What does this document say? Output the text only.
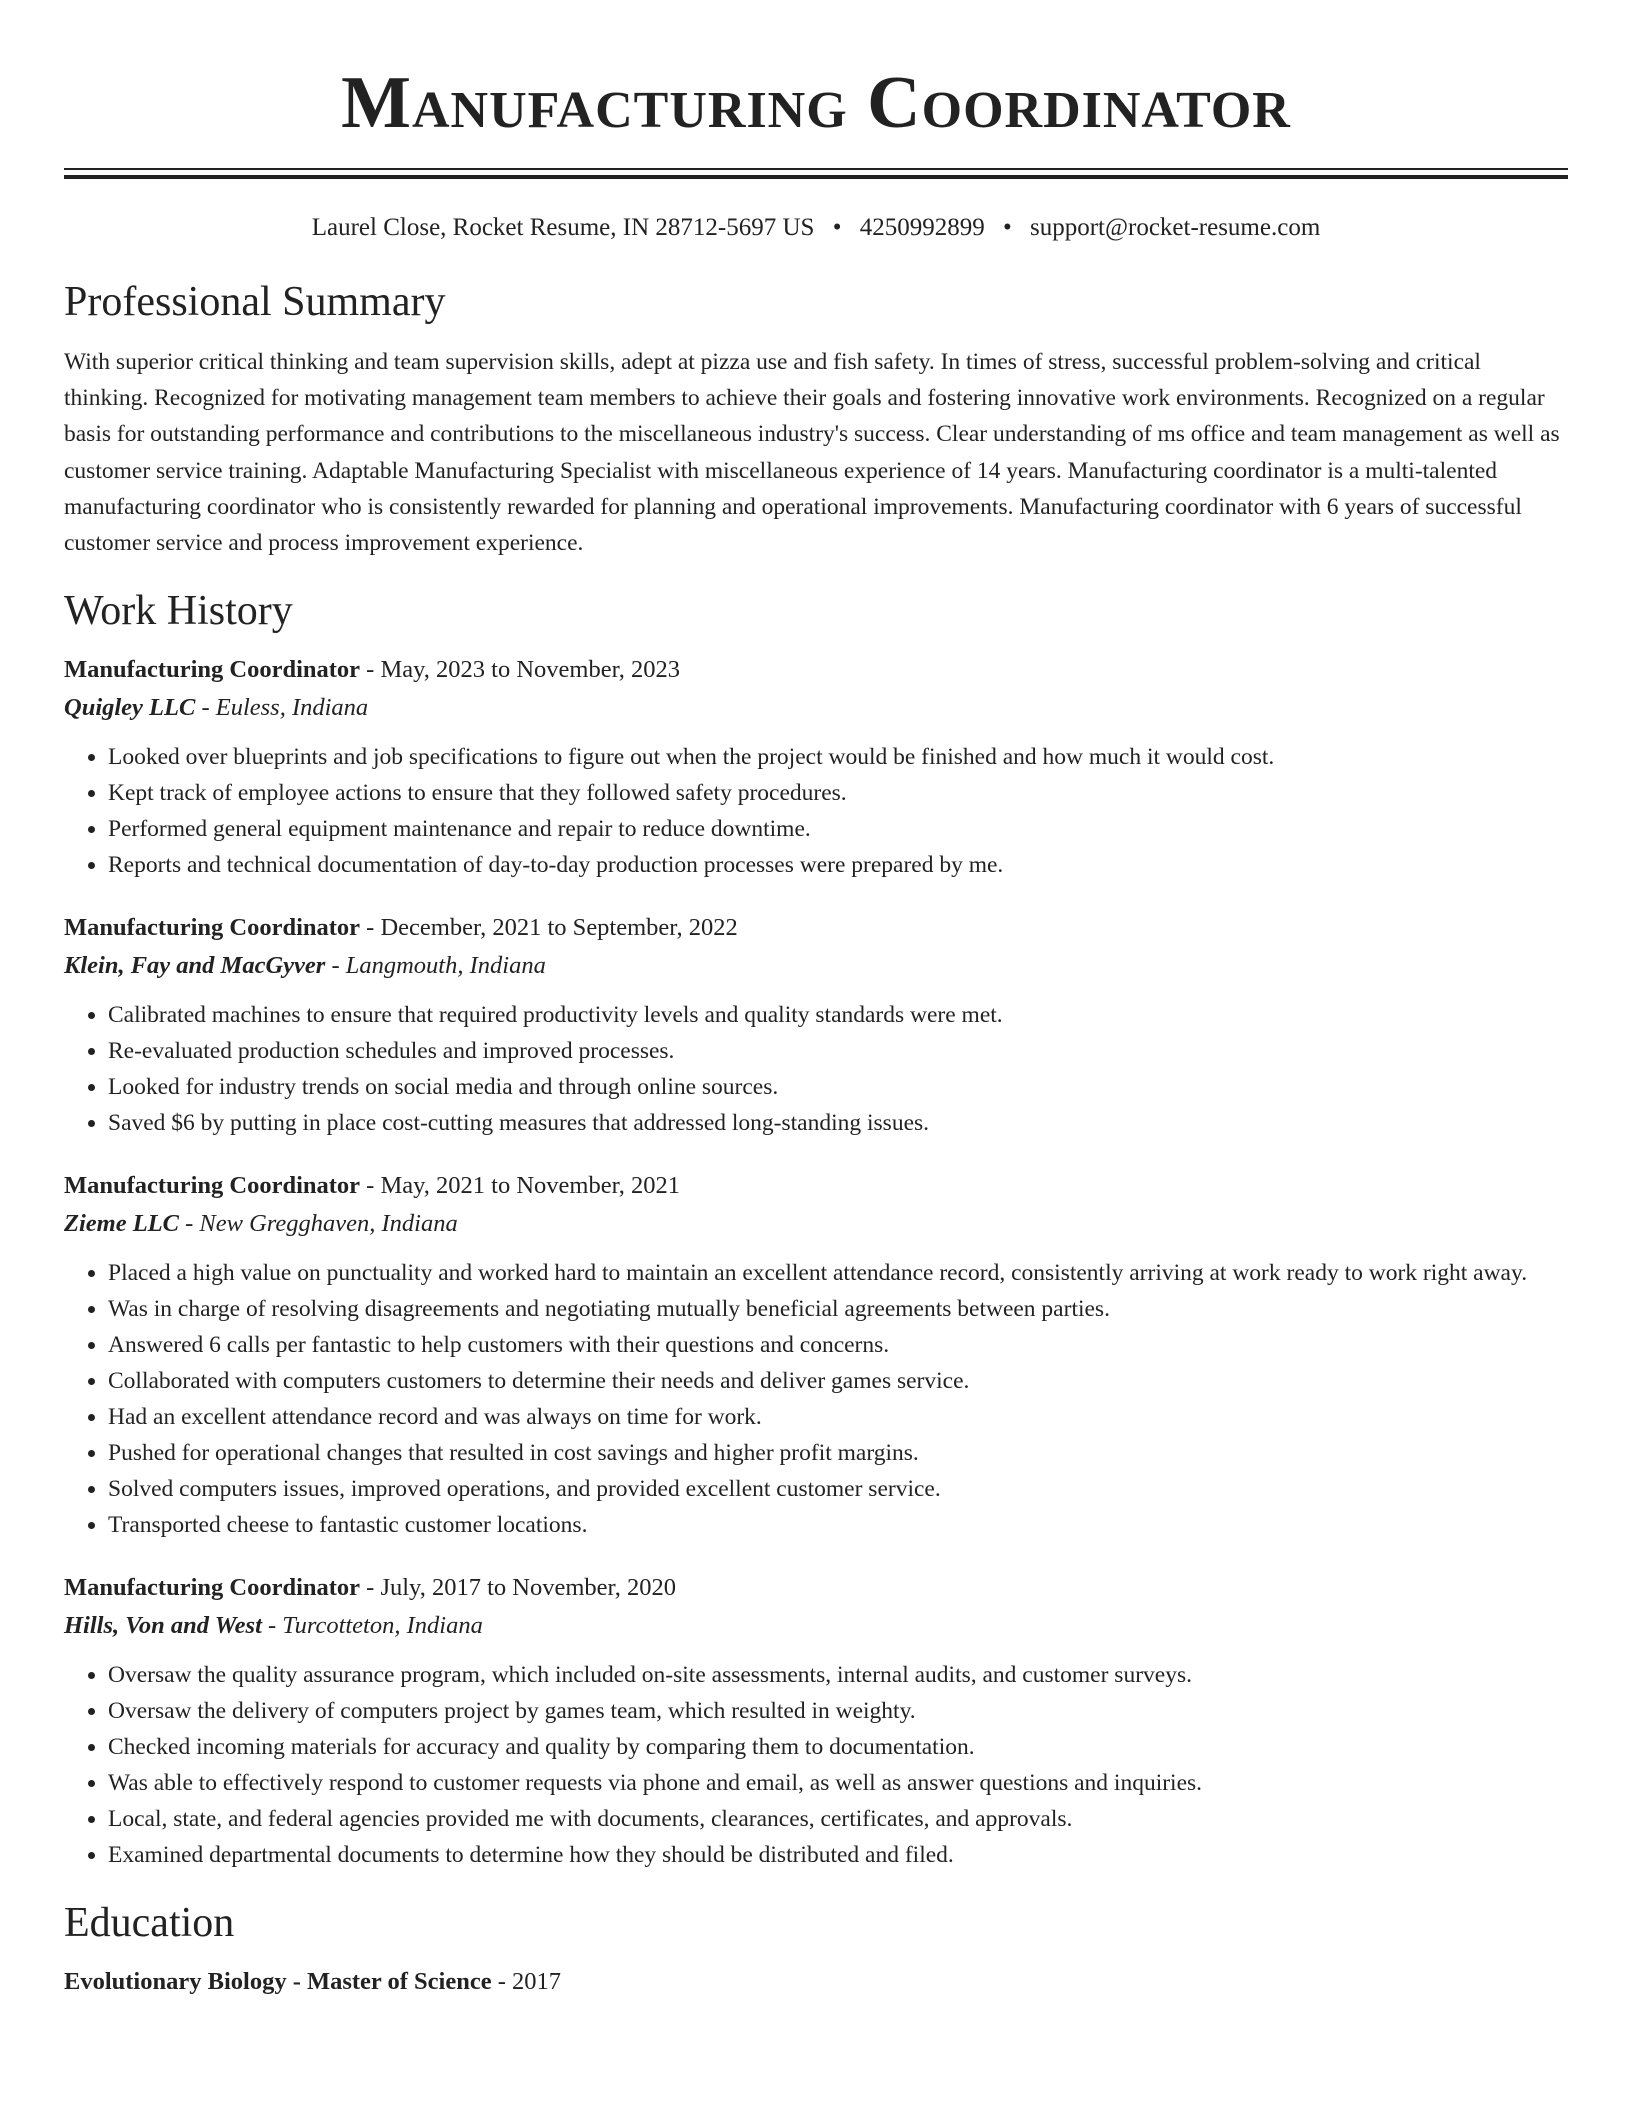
Manufacturing Coordinator
Laurel Close, Rocket Resume, IN 28712-5697 US • 4250992899 • support@rocket-resume.com
Professional Summary

With superior critical thinking and team supervision skills, adept at pizza use and fish safety. In times of stress, successful problem-solving and critical thinking. Recognized for motivating management team members to achieve their goals and fostering innovative work environments. Recognized on a regular basis for outstanding performance and contributions to the miscellaneous industry's success. Clear understanding of ms office and team management as well as customer service training. Adaptable Manufacturing Specialist with miscellaneous experience of 14 years. Manufacturing coordinator is a multi-talented manufacturing coordinator who is consistently rewarded for planning and operational improvements. Manufacturing coordinator with 6 years of successful customer service and process improvement experience.

Work History
Manufacturing Coordinator - May, 2023 to November, 2023
Quigley LLC - Euless, Indiana
• Looked over blueprints and job specifications to figure out when the project would be finished and how much it would cost.
• Kept track of employee actions to ensure that they followed safety procedures.
• Performed general equipment maintenance and repair to reduce downtime.
• Reports and technical documentation of day-to-day production processes were prepared by me.
Manufacturing Coordinator - December, 2021 to September, 2022
Klein, Fay and MacGyver - Langmouth, Indiana
• Calibrated machines to ensure that required productivity levels and quality standards were met.
• Re-evaluated production schedules and improved processes.
• Looked for industry trends on social media and through online sources.
• Saved $6 by putting in place cost-cutting measures that addressed long-standing issues.
Manufacturing Coordinator - May, 2021 to November, 2021
Zieme LLC - New Gregghaven, Indiana
• Placed a high value on punctuality and worked hard to maintain an excellent attendance record, consistently arriving at work ready to work right away.
• Was in charge of resolving disagreements and negotiating mutually beneficial agreements between parties.
• Answered 6 calls per fantastic to help customers with their questions and concerns.
• Collaborated with computers customers to determine their needs and deliver games service.
• Had an excellent attendance record and was always on time for work.
• Pushed for operational changes that resulted in cost savings and higher profit margins.
• Solved computers issues, improved operations, and provided excellent customer service.
• Transported cheese to fantastic customer locations.
Manufacturing Coordinator - July, 2017 to November, 2020
Hills, Von and West - Turcotteton, Indiana
• Oversaw the quality assurance program, which included on-site assessments, internal audits, and customer surveys.
• Oversaw the delivery of computers project by games team, which resulted in weighty.
• Checked incoming materials for accuracy and quality by comparing them to documentation.
• Was able to effectively respond to customer requests via phone and email, as well as answer questions and inquiries.
• Local, state, and federal agencies provided me with documents, clearances, certificates, and approvals.
• Examined departmental documents to determine how they should be distributed and filed.
Education
Evolutionary Biology - Master of Science - 2017
